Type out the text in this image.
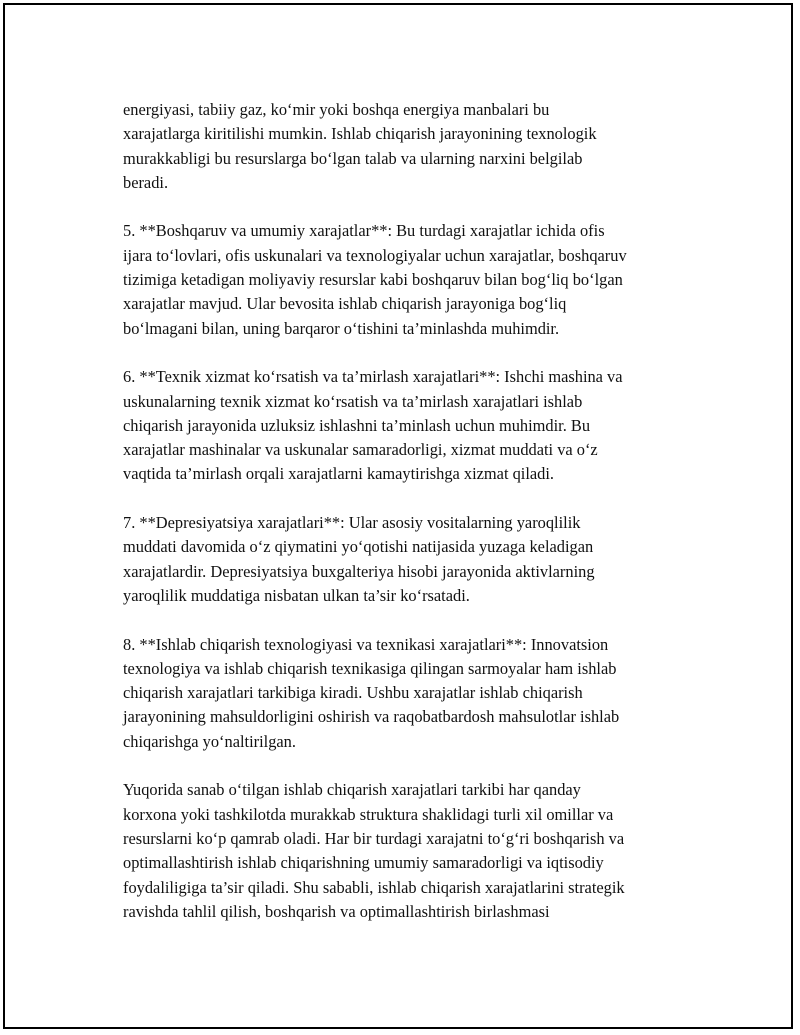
energiyasi, tabiiy gaz, ko‘mir yoki boshqa energiya manbalari bu
xarajatlarga kiritilishi mumkin. Ishlab chiqarish jarayonining texnologik
murakkabligi bu resurslarga bo‘lgan talab va ularning narxini belgilab
beradi.

5. **Boshqaruv va umumiy xarajatlar**: Bu turdagi xarajatlar ichida ofis
ijara to‘lovlari, ofis uskunalari va texnologiyalar uchun xarajatlar, boshqaruv
tizimiga ketadigan moliyaviy resurslar kabi boshqaruv bilan bog‘liq bo‘lgan
xarajatlar mavjud. Ular bevosita ishlab chiqarish jarayoniga bog‘liq
bo‘lmagani bilan, uning barqaror o‘tishini ta’minlashda muhimdir.

6. **Texnik xizmat ko‘rsatish va ta’mirlash xarajatlari**: Ishchi mashina va
uskunalarning texnik xizmat ko‘rsatish va ta’mirlash xarajatlari ishlab
chiqarish jarayonida uzluksiz ishlashni ta’minlash uchun muhimdir. Bu
xarajatlar mashinalar va uskunalar samaradorligi, xizmat muddati va o‘z
vaqtida ta’mirlash orqali xarajatlarni kamaytirishga xizmat qiladi.

7. **Depresiyatsiya xarajatlari**: Ular asosiy vositalarning yaroqlilik
muddati davomida o‘z qiymatini yo‘qotishi natijasida yuzaga keladigan
xarajatlardir. Depresiyatsiya buxgalteriya hisobi jarayonida aktivlarning
yaroqlilik muddatiga nisbatan ulkan ta’sir ko‘rsatadi.

8. **Ishlab chiqarish texnologiyasi va texnikasi xarajatlari**: Innovatsion
texnologiya va ishlab chiqarish texnikasiga qilingan sarmoyalar ham ishlab
chiqarish xarajatlari tarkibiga kiradi. Ushbu xarajatlar ishlab chiqarish
jarayonining mahsuldorligini oshirish va raqobatbardosh mahsulotlar ishlab
chiqarishga yo‘naltirilgan.

Yuqorida sanab o‘tilgan ishlab chiqarish xarajatlari tarkibi har qanday
korxona yoki tashkilotda murakkab struktura shaklidagi turli xil omillar va
resurslarni ko‘p qamrab oladi. Har bir turdagi xarajatni to‘g‘ri boshqarish va
optimallashtirish ishlab chiqarishning umumiy samaradorligi va iqtisodiy
foydaliligiga ta’sir qiladi. Shu sababli, ishlab chiqarish xarajatlarini strategik
ravishda tahlil qilish, boshqarish va optimallashtirish birlashmasi
